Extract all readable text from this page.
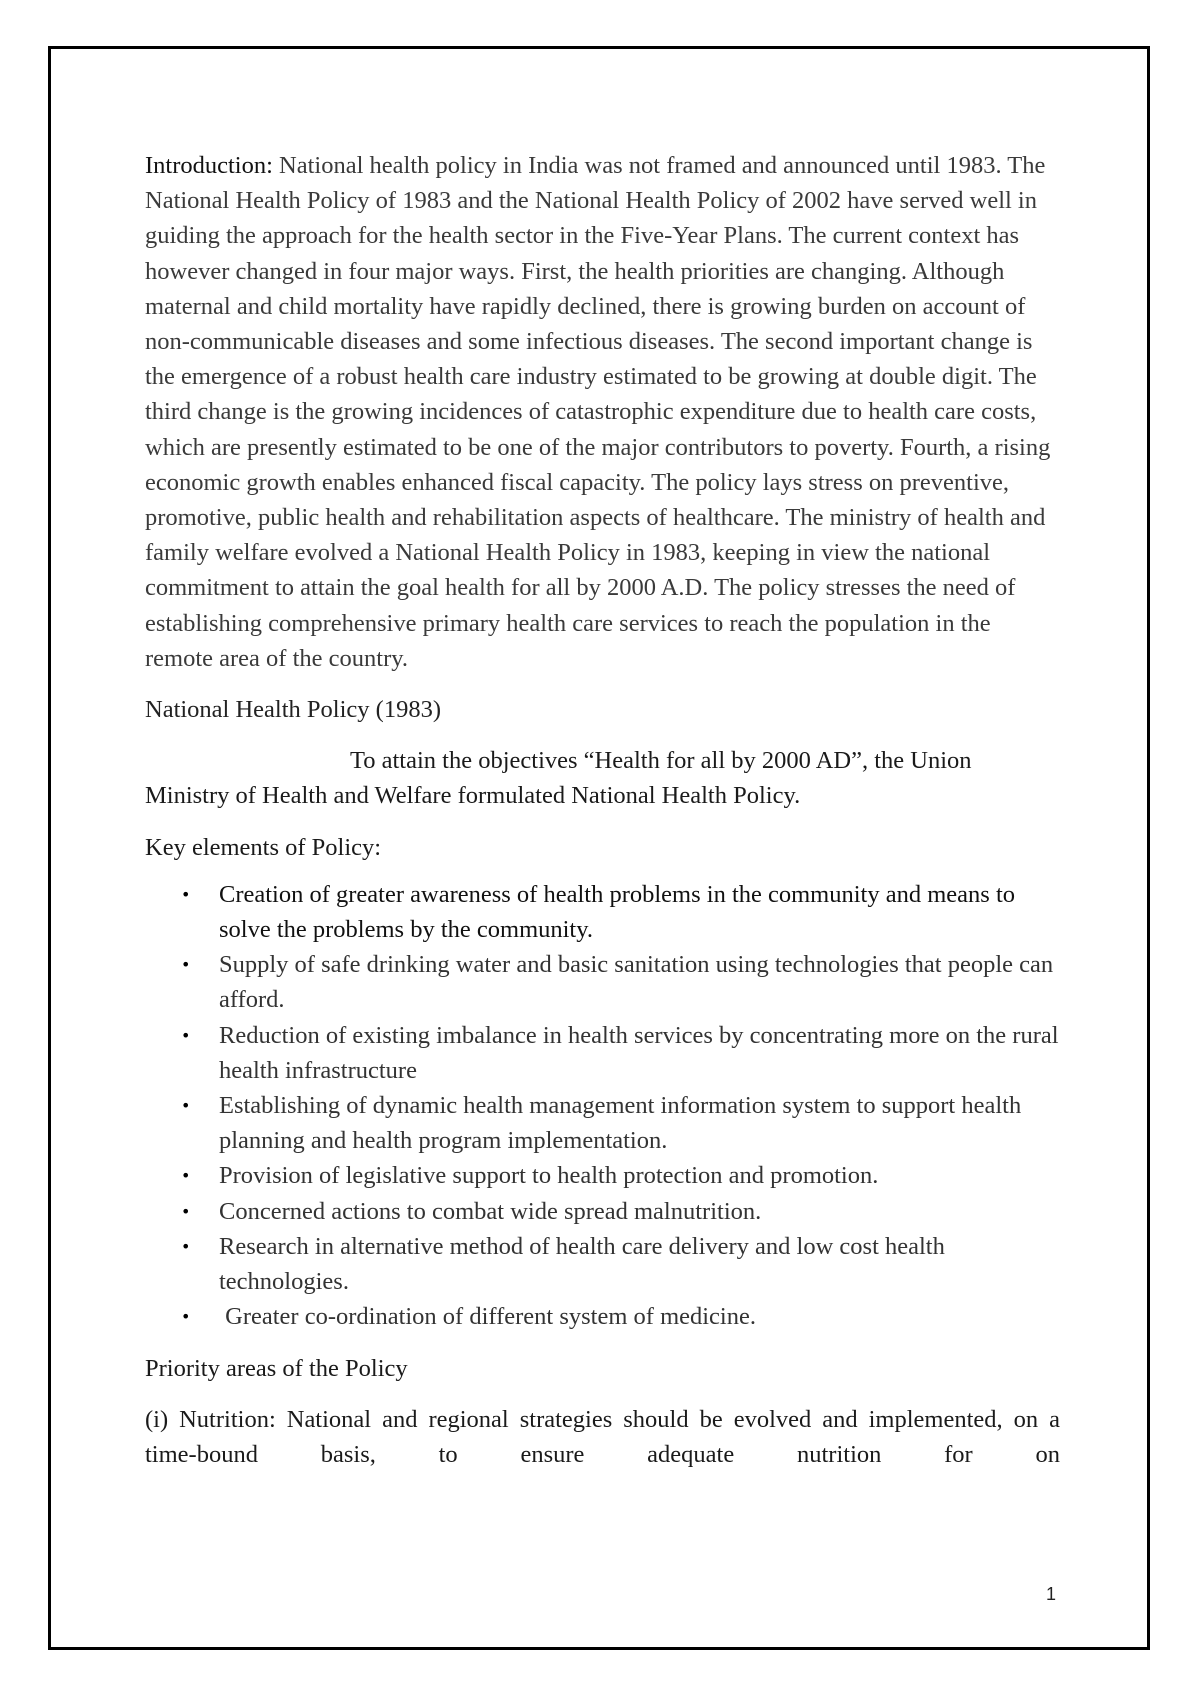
Introduction: National health policy in India was not framed and announced until 1983. The National Health Policy of 1983 and the National Health Policy of 2002 have served well in guiding the approach for the health sector in the Five-Year Plans. The current context has however changed in four major ways. First, the health priorities are changing. Although maternal and child mortality have rapidly declined, there is growing burden on account of non-communicable diseases and some infectious diseases. The second important change is the emergence of a robust health care industry estimated to be growing at double digit. The third change is the growing incidences of catastrophic expenditure due to health care costs, which are presently estimated to be one of the major contributors to poverty. Fourth, a rising economic growth enables enhanced fiscal capacity. The policy lays stress on preventive, promotive, public health and rehabilitation aspects of healthcare. The ministry of health and family welfare evolved a National Health Policy in 1983, keeping in view the national commitment to attain the goal health for all by 2000 A.D. The policy stresses the need of establishing comprehensive primary health care services to reach the population in the remote area of the country.

National Health Policy (1983)

To attain the objectives “Health for all by 2000 AD”, the Union Ministry of Health and Welfare formulated National Health Policy.

Key elements of Policy:

• Creation of greater awareness of health problems in the community and means to solve the problems by the community.
• Supply of safe drinking water and basic sanitation using technologies that people can afford.
• Reduction of existing imbalance in health services by concentrating more on the rural health infrastructure
• Establishing of dynamic health management information system to support health planning and health program implementation.
• Provision of legislative support to health protection and promotion.
• Concerned actions to combat wide spread malnutrition.
• Research in alternative method of health care delivery and low cost health technologies.
• Greater co-ordination of different system of medicine.

Priority areas of the Policy

(i) Nutrition: National and regional strategies should be evolved and implemented, on a time-bound basis, to ensure adequate nutrition for on

1
